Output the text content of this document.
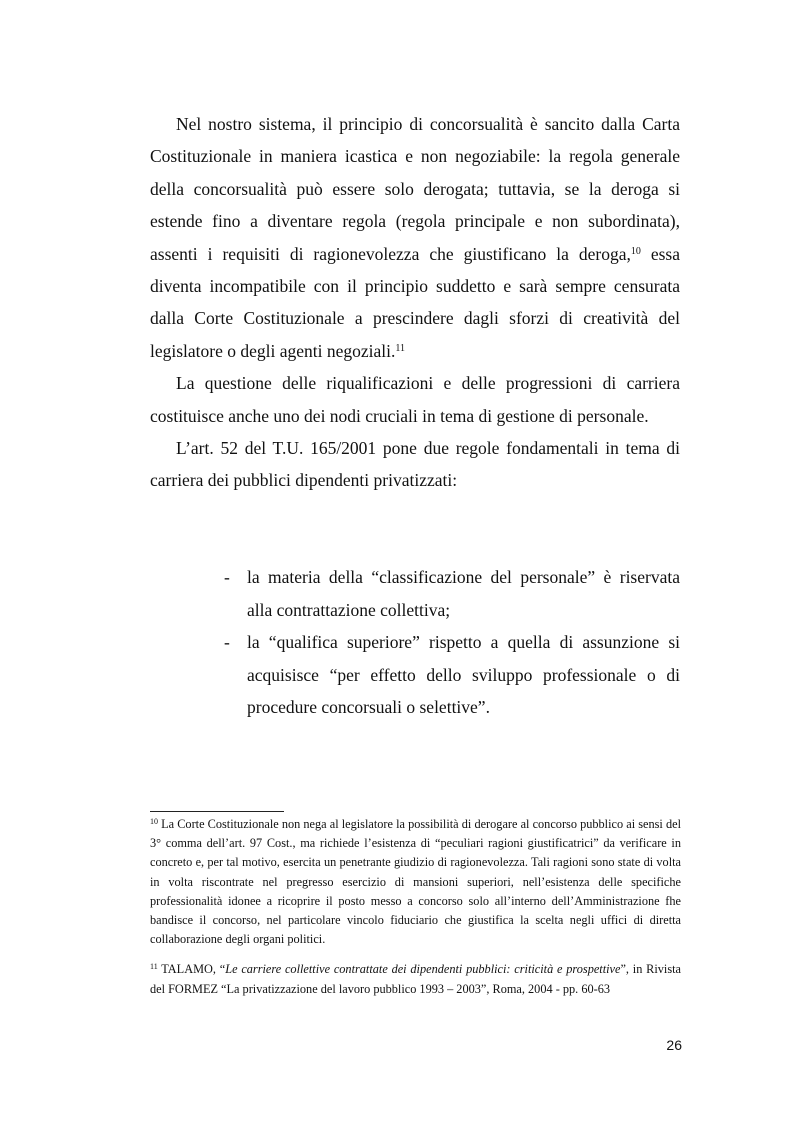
Nel nostro sistema, il principio di concorsualità è sancito dalla Carta Costituzionale in maniera icastica e non negoziabile: la regola generale della concorsualità può essere solo derogata; tuttavia, se la deroga si estende fino a diventare regola (regola principale e non subordinata), assenti i requisiti di ragionevolezza che giustificano la deroga,$^{10}$ essa diventa incompatibile con il principio suddetto e sarà sempre censurata dalla Corte Costituzionale a prescindere dagli sforzi di creatività del legislatore o degli agenti negoziali.$^{11}$

La questione delle riqualificazioni e delle progressioni di carriera costituisce anche uno dei nodi cruciali in tema di gestione di personale.

L’art. 52 del T.U. 165/2001 pone due regole fondamentali in tema di carriera dei pubblici dipendenti privatizzati:

- la materia della “classificazione del personale” è riservata alla contrattazione collettiva;
- la “qualifica superiore” rispetto a quella di assunzione si acquisisce “per effetto dello sviluppo professionale o di procedure concorsuali o selettive”.

$^{10}$ La Corte Costituzionale non nega al legislatore la possibilità di derogare al concorso pubblico ai sensi del 3° comma dell’art. 97 Cost., ma richiede l’esistenza di “peculiari ragioni giustificatrici” da verificare in concreto e, per tal motivo, esercita un penetrante giudizio di ragionevolezza. Tali ragioni sono state di volta in volta riscontrate nel pregresso esercizio di mansioni superiori, nell’esistenza delle specifiche professionalità idonee a ricoprire il posto messo a concorso solo all’interno dell’Amministrazione fhe bandisce il concorso, nel particolare vincolo fiduciario che giustifica la scelta negli uffici di diretta collaborazione degli organi politici.

$^{11}$ TALAMO, “Le carriere collettive contrattate dei dipendenti pubblici: criticità e prospettive”, in Rivista del FORMEZ “La privatizzazione del lavoro pubblico 1993 – 2003”, Roma, 2004 - pp. 60-63

26
